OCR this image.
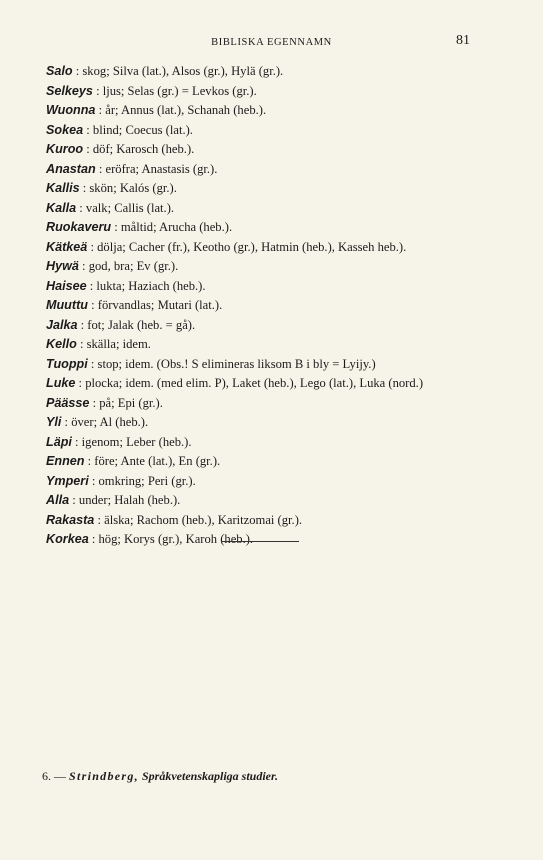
BIBLISKA EGENNAMN	81
Salo : skog; Silva (lat.), Alsos (gr.), Hylä (gr.).
Selkeys : ljus; Selas (gr.) = Levkos (gr.).
Wuonna : år; Annus (lat.), Schanah (heb.).
Sokea : blind; Coecus (lat.).
Kuroo : döf; Karosch (heb.).
Anastan : eröfra; Anastasis (gr.).
Kallis : skön; Kalós (gr.).
Kalla : valk; Callis (lat.).
Ruokaveru : måltid; Arucha (heb.).
Kätkeä : dölja; Cacher (fr.), Keotho (gr.), Hatmin (heb.), Kasseh heb.).
Hywä : god, bra; Ev (gr.).
Haisee : lukta; Haziach (heb.).
Muuttu : förvandlas; Mutari (lat.).
Jalka : fot; Jalak (heb. = gå).
Kello : skälla; idem.
Tuoppi : stop; idem. (Obs.! S elimineras liksom B i bly = Lyijy.)
Luke : plocka; idem. (med elim. P), Laket (heb.), Lego (lat.), Luka (nord.)
Päässe : på; Epi (gr.).
Yli : över; Al (heb.).
Läpi : igenom; Leber (heb.).
Ennen : före; Ante (lat.), En (gr.).
Ymperi : omkring; Peri (gr.).
Alla : under; Halah (heb.).
Rakasta : älska; Rachom (heb.), Karitzomai (gr.).
Korkea : hög; Korys (gr.), Karoh (heb.).
6. — Strindberg, Språkvetenskapliga studier.
